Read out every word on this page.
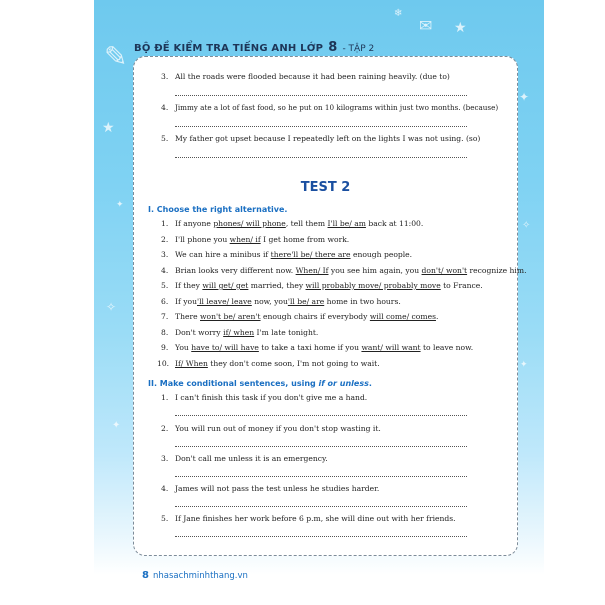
✎
★
✦
✧
✦
✉ ★
❄
✦
✧
✦
BỘ ĐỀ KIỂM TRA TIẾNG ANH LỚP 8 - TẬP 2
3. All the roads were flooded because it had been raining heavily. (due to)
4. Jimmy ate a lot of fast food, so he put on 10 kilograms within just two months. (because)
5. My father got upset because I repeatedly left on the lights I was not using. (so)
TEST 2
I. Choose the right alternative.
II. Make conditional sentences, using if or unless.
1. I can't finish this task if you don't give me a hand.
2. You will run out of money if you don't stop wasting it.
3. Don't call me unless it is an emergency.
4. James will not pass the test unless he studies harder.
5. If Jane finishes her work before 6 p.m, she will dine out with her friends.
1. If anyone phones/ will phone, tell them I'll be/ am back at 11:00.
2. I'll phone you when/ if I get home from work.
3. We can hire a minibus if there'll be/ there are enough people.
4. Brian looks very different now. When/ If you see him again, you don't/ won't recognize him.
5. If they will get/ get married, they will probably move/ probably move to France.
6. If you'll leave/ leave now, you'll be/ are home in two hours.
7. There won't be/ aren't enough chairs if everybody will come/ comes.
8. Don't worry if/ when I'm late tonight.
9. You have to/ will have to take a taxi home if you want/ will want to leave now.
10. If/ When they don't come soon, I'm not going to wait.
8 nhasachminhthang.vn
